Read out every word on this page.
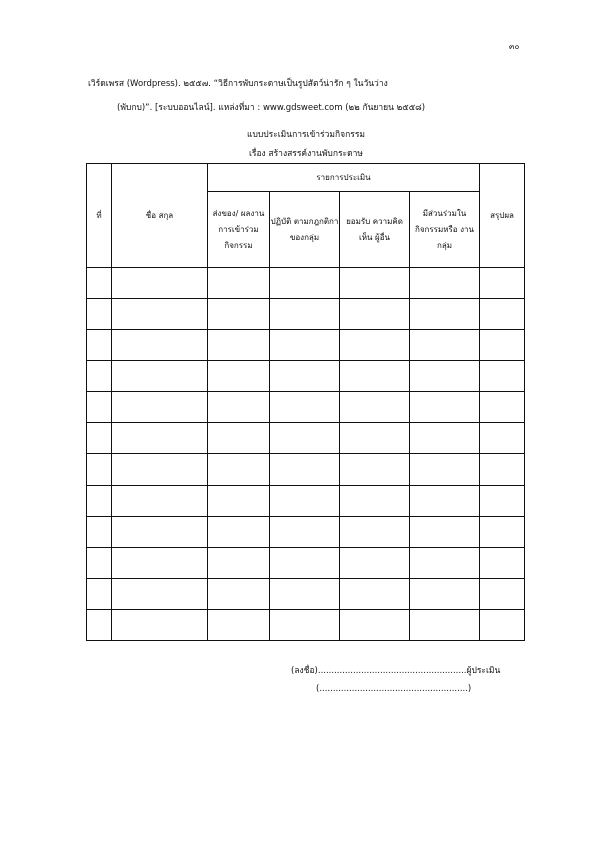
๓๐
เวิร์ดเพรส (Wordpress). ๒๕๕๗. “วิธีการพับกระดาษเป็นรูปสัตว์น่ารัก ๆ ในวันว่าง
(พับกบ)”. [ระบบออนไลน์]. แหล่งที่มา : www.gdsweet.com (๒๒ กันยายน ๒๕๕๘)
แบบประเมินการเข้าร่วมกิจกรรม
เรื่อง สร้างสรรค์งานพับกระดาษ
ที่	ชื่อ สกุล	รายการประเมิน				สรุปผล
		ส่งของ/ ผลงาน การเข้าร่วม กิจกรรม	ปฏิบัติ ตามกฎกติกา ของกลุ่ม	ยอมรับ ความคิดเห็น ผู้อื่น	มีส่วนร่วมใน กิจกรรมหรือ งานกลุ่ม	

(ลงชื่อ).......................................................ผู้ประเมิน
(.......................................................)
